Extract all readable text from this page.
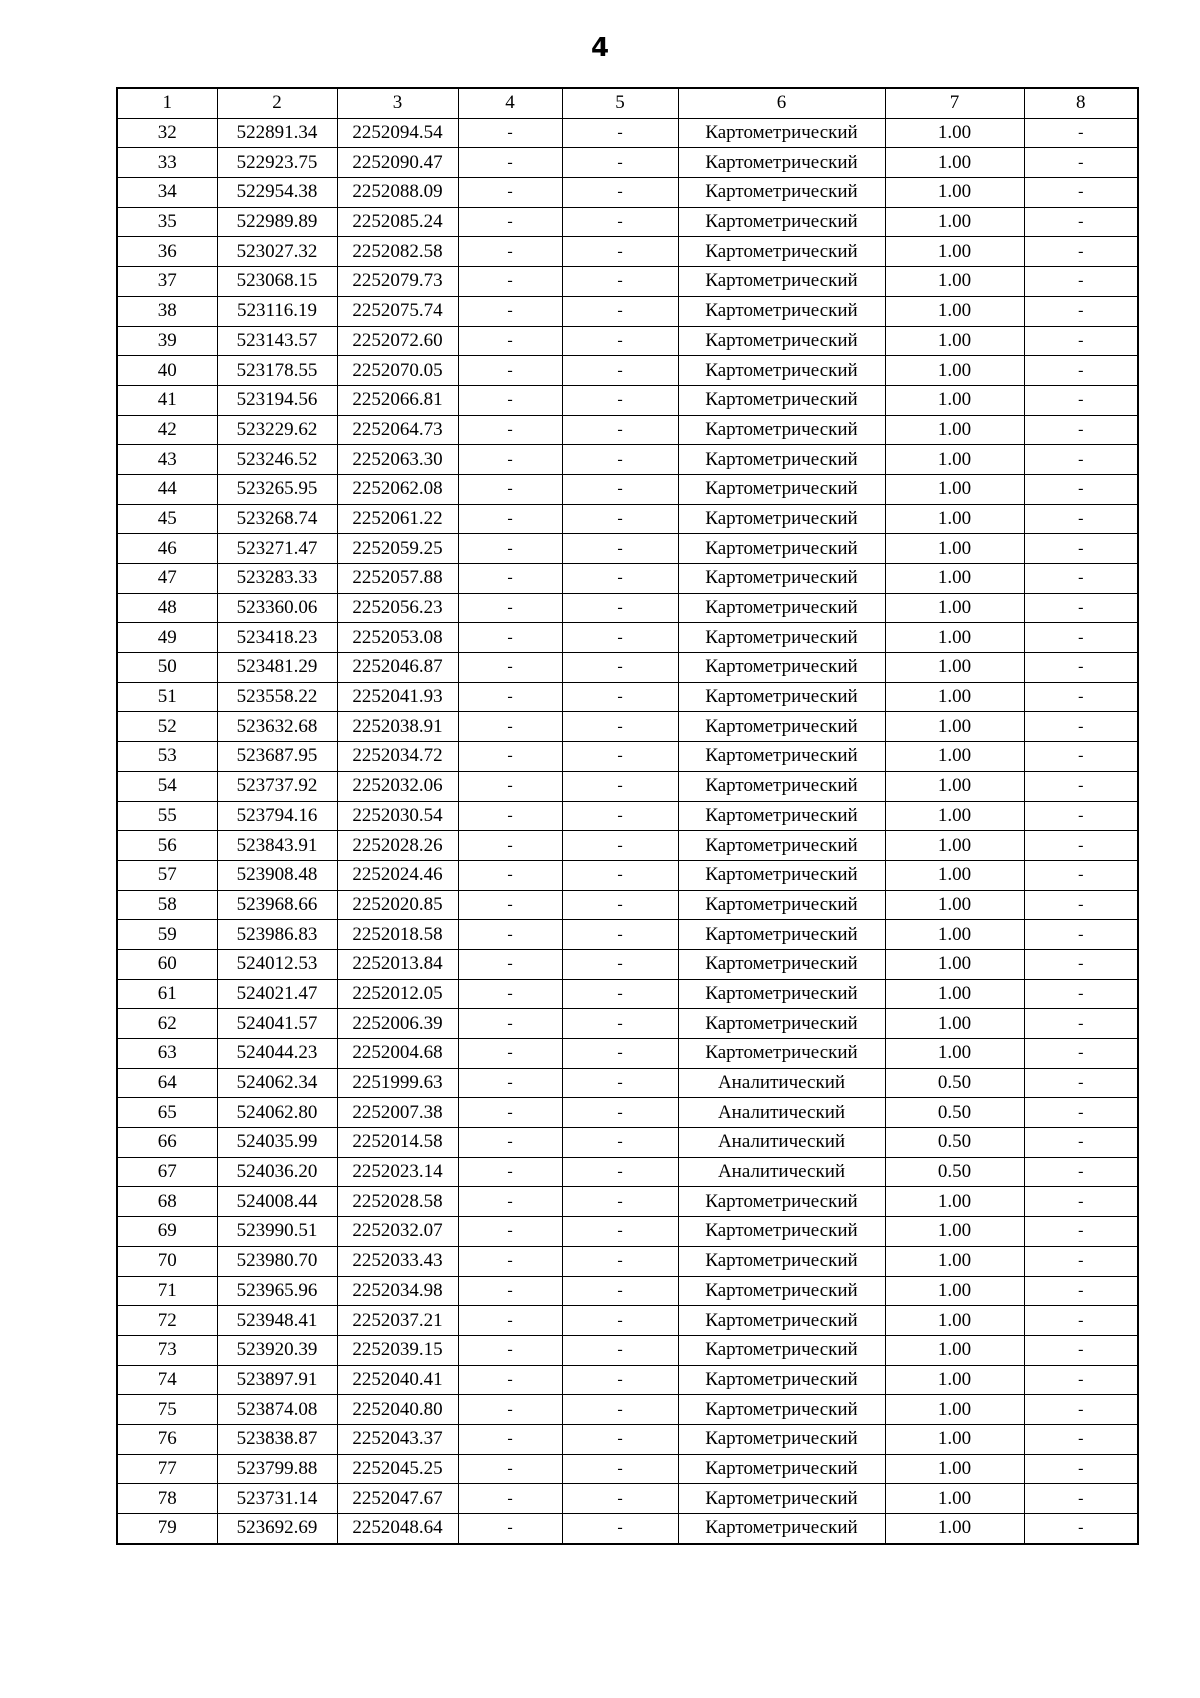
4
1	2	3	4	5	6	7	8
32	522891.34	2252094.54	-	-	Картометрический	1.00	-
33	522923.75	2252090.47	-	-	Картометрический	1.00	-
34	522954.38	2252088.09	-	-	Картометрический	1.00	-
35	522989.89	2252085.24	-	-	Картометрический	1.00	-
36	523027.32	2252082.58	-	-	Картометрический	1.00	-
37	523068.15	2252079.73	-	-	Картометрический	1.00	-
38	523116.19	2252075.74	-	-	Картометрический	1.00	-
39	523143.57	2252072.60	-	-	Картометрический	1.00	-
40	523178.55	2252070.05	-	-	Картометрический	1.00	-
41	523194.56	2252066.81	-	-	Картометрический	1.00	-
42	523229.62	2252064.73	-	-	Картометрический	1.00	-
43	523246.52	2252063.30	-	-	Картометрический	1.00	-
44	523265.95	2252062.08	-	-	Картометрический	1.00	-
45	523268.74	2252061.22	-	-	Картометрический	1.00	-
46	523271.47	2252059.25	-	-	Картометрический	1.00	-
47	523283.33	2252057.88	-	-	Картометрический	1.00	-
48	523360.06	2252056.23	-	-	Картометрический	1.00	-
49	523418.23	2252053.08	-	-	Картометрический	1.00	-
50	523481.29	2252046.87	-	-	Картометрический	1.00	-
51	523558.22	2252041.93	-	-	Картометрический	1.00	-
52	523632.68	2252038.91	-	-	Картометрический	1.00	-
53	523687.95	2252034.72	-	-	Картометрический	1.00	-
54	523737.92	2252032.06	-	-	Картометрический	1.00	-
55	523794.16	2252030.54	-	-	Картометрический	1.00	-
56	523843.91	2252028.26	-	-	Картометрический	1.00	-
57	523908.48	2252024.46	-	-	Картометрический	1.00	-
58	523968.66	2252020.85	-	-	Картометрический	1.00	-
59	523986.83	2252018.58	-	-	Картометрический	1.00	-
60	524012.53	2252013.84	-	-	Картометрический	1.00	-
61	524021.47	2252012.05	-	-	Картометрический	1.00	-
62	524041.57	2252006.39	-	-	Картометрический	1.00	-
63	524044.23	2252004.68	-	-	Картометрический	1.00	-
64	524062.34	2251999.63	-	-	Аналитический	0.50	-
65	524062.80	2252007.38	-	-	Аналитический	0.50	-
66	524035.99	2252014.58	-	-	Аналитический	0.50	-
67	524036.20	2252023.14	-	-	Аналитический	0.50	-
68	524008.44	2252028.58	-	-	Картометрический	1.00	-
69	523990.51	2252032.07	-	-	Картометрический	1.00	-
70	523980.70	2252033.43	-	-	Картометрический	1.00	-
71	523965.96	2252034.98	-	-	Картометрический	1.00	-
72	523948.41	2252037.21	-	-	Картометрический	1.00	-
73	523920.39	2252039.15	-	-	Картометрический	1.00	-
74	523897.91	2252040.41	-	-	Картометрический	1.00	-
75	523874.08	2252040.80	-	-	Картометрический	1.00	-
76	523838.87	2252043.37	-	-	Картометрический	1.00	-
77	523799.88	2252045.25	-	-	Картометрический	1.00	-
78	523731.14	2252047.67	-	-	Картометрический	1.00	-
79	523692.69	2252048.64	-	-	Картометрический	1.00	-
